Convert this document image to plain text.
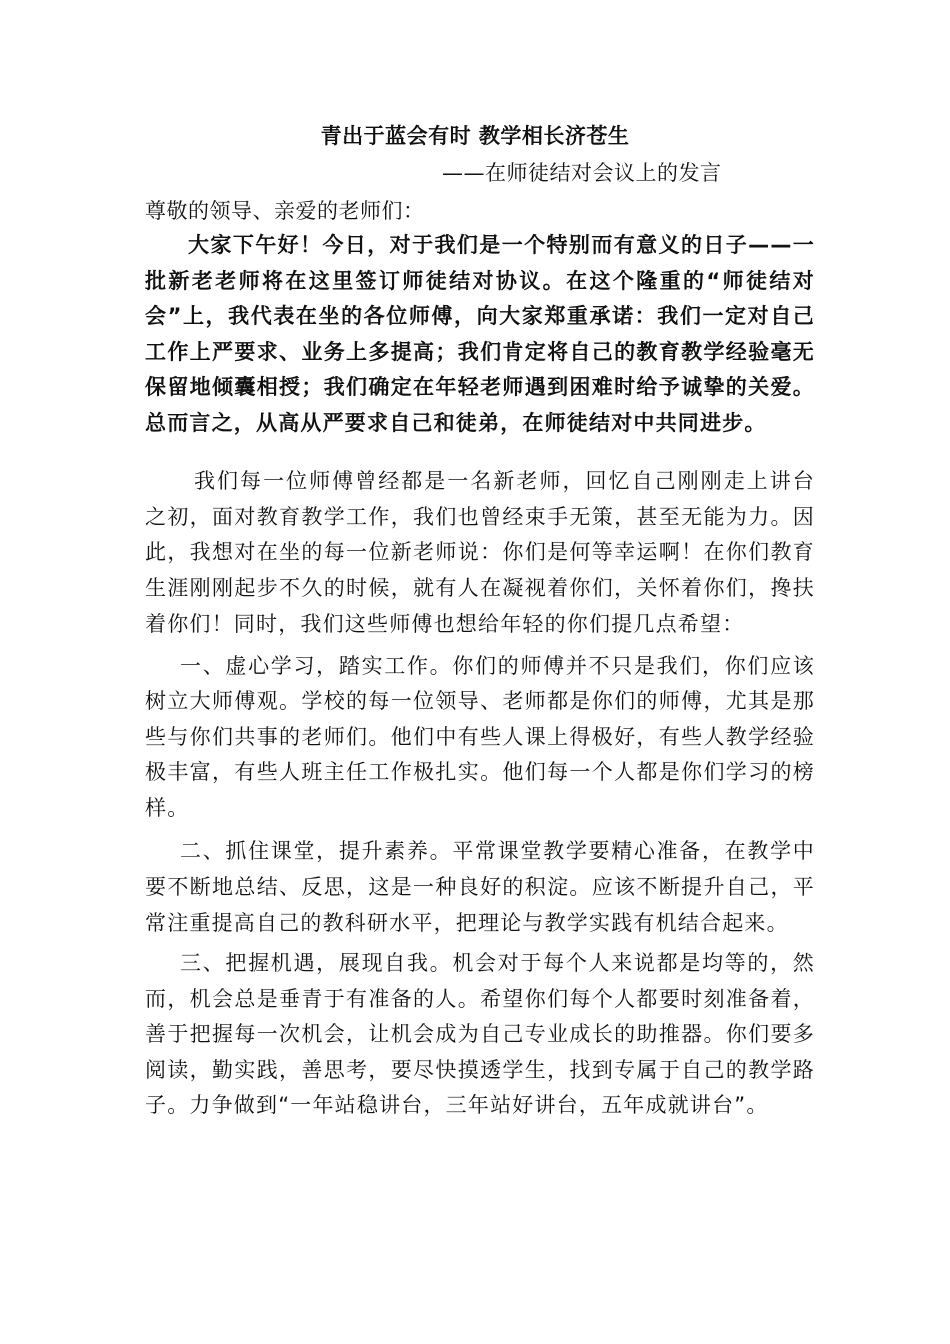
青出于蓝会有时 教学相长济苍生
——在师徒结对会议上的发言
尊敬的领导、亲爱的老师们：

大家下午好！今日，对于我们是一个特别而有意义的日子——一批新老老师将在这里签订师徒结对协议。在这个隆重的“师徒结对会”上，我代表在坐的各位师傅，向大家郑重承诺：我们一定对自己工作上严要求、业务上多提高；我们肯定将自己的教育教学经验毫无保留地倾囊相授；我们确定在年轻老师遇到困难时给予诚挚的关爱。总而言之，从高从严要求自己和徒弟，在师徒结对中共同进步。

我们每一位师傅曾经都是一名新老师，回忆自己刚刚走上讲台之初，面对教育教学工作，我们也曾经束手无策，甚至无能为力。因此，我想对在坐的每一位新老师说：你们是何等幸运啊！在你们教育生涯刚刚起步不久的时候，就有人在凝视着你们，关怀着你们，搀扶着你们！同时，我们这些师傅也想给年轻的你们提几点希望：

一、虚心学习，踏实工作。你们的师傅并不只是我们，你们应该树立大师傅观。学校的每一位领导、老师都是你们的师傅，尤其是那些与你们共事的老师们。他们中有些人课上得极好，有些人教学经验极丰富，有些人班主任工作极扎实。他们每一个人都是你们学习的榜样。

二、抓住课堂，提升素养。平常课堂教学要精心准备，在教学中要不断地总结、反思，这是一种良好的积淀。应该不断提升自己，平常注重提高自己的教科研水平，把理论与教学实践有机结合起来。

三、把握机遇，展现自我。机会对于每个人来说都是均等的，然而，机会总是垂青于有准备的人。希望你们每个人都要时刻准备着，善于把握每一次机会，让机会成为自己专业成长的助推器。你们要多阅读，勤实践，善思考，要尽快摸透学生，找到专属于自己的教学路子。力争做到“一年站稳讲台，三年站好讲台，五年成就讲台”。
